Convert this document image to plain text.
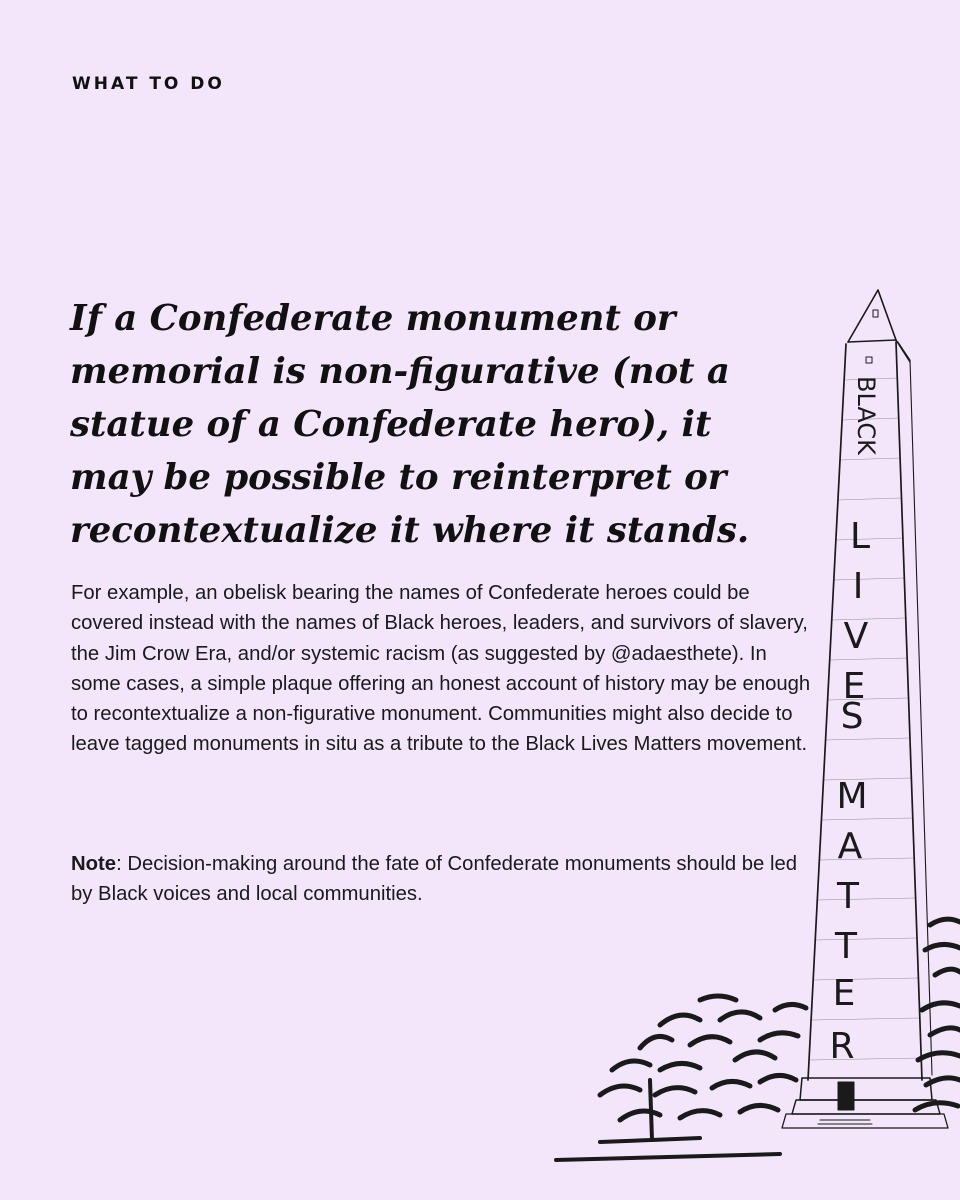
WHAT TO DO
If a Confederate monument or memorial is non-figurative (not a statue of a Confederate hero), it may be possible to reinterpret or recontextualize it where it stands.

For example, an obelisk bearing the names of Confederate heroes could be covered instead with the names of Black heroes, leaders, and survivors of slavery, the Jim Crow Era, and/or systemic racism (as suggested by @adaesthete). In some cases, a simple plaque offering an honest account of history may be enough to recontextualize a non-figurative monument. Communities might also decide to leave tagged monuments in situ as a tribute to the Black Lives Matters movement.

Note: Decision-making around the fate of Confederate monuments should be led by Black voices and local communities.

BLACK
L
I
V
E
S
M
A
T
T
E
R
